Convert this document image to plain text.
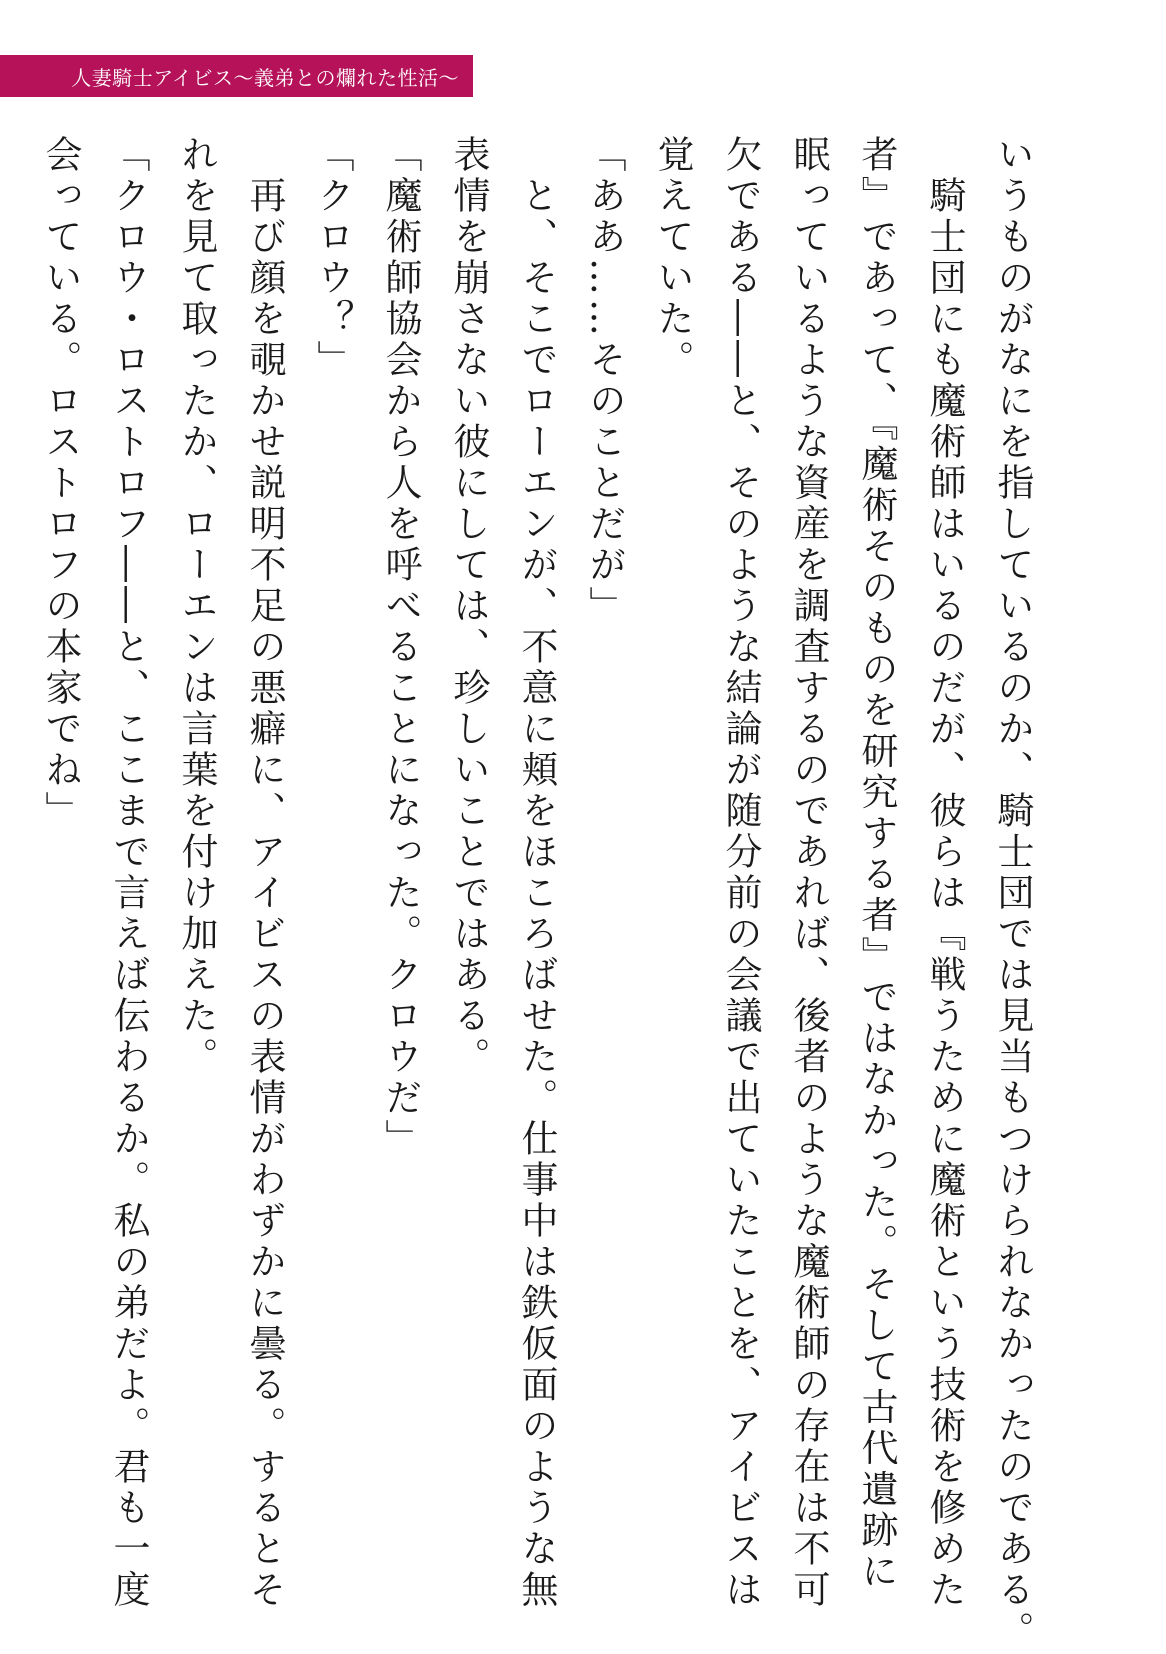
人妻騎士アイビス〜義弟との爛れた性活〜

いうものがなにを指しているのか、騎士団では見当もつけられなかったのである。

　騎士団にも魔術師はいるのだが、彼らは『戦うために魔術という技術を修めた

者』であって、『魔術そのものを研究する者』ではなかった。そして古代遺跡に

眠っているような資産を調査するのであれば、後者のような魔術師の存在は不可

欠である――と、そのような結論が随分前の会議で出ていたことを、アイビスは

覚えていた。

「ああ……そのことだが」

　と、そこでローエンが、不意に頬をほころばせた。仕事中は鉄仮面のような無

表情を崩さない彼にしては、珍しいことではある。

「魔術師協会から人を呼べることになった。クロウだ」

「クロウ？」

　再び顔を覗かせ説明不足の悪癖に、アイビスの表情がわずかに曇る。するとそ

れを見て取ったか、ローエンは言葉を付け加えた。

「クロウ・ロストロフ――と、ここまで言えば伝わるか。私の弟だよ。君も一度

会っている。ロストロフの本家でね」
